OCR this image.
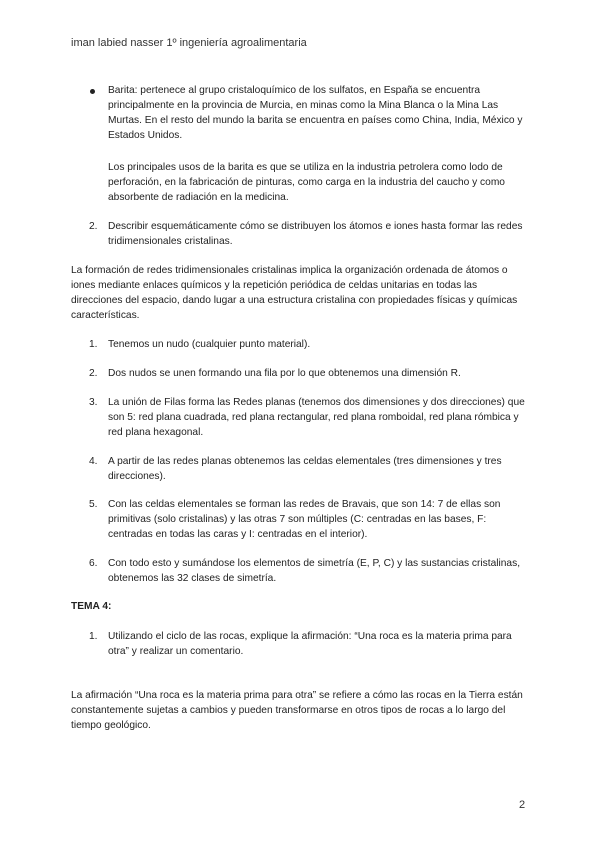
iman labied nasser 1º ingeniería agroalimentaria
Barita: pertenece al grupo cristaloquímico de los sulfatos, en España se encuentra principalmente en la provincia de Murcia, en minas como la Mina Blanca o la Mina Las Murtas. En el resto del mundo la barita se encuentra en países como China, India, México y Estados Unidos.
Los principales usos de la barita es que se utiliza en la industria petrolera como lodo de perforación, en la fabricación de pinturas, como carga en la industria del caucho y como absorbente de radiación en la medicina.
2. Describir esquemáticamente cómo se distribuyen los átomos e iones hasta formar las redes tridimensionales cristalinas.
La formación de redes tridimensionales cristalinas implica la organización ordenada de átomos o iones mediante enlaces químicos y la repetición periódica de celdas unitarias en todas las direcciones del espacio, dando lugar a una estructura cristalina con propiedades físicas y químicas características.
1. Tenemos un nudo (cualquier punto material).
2. Dos nudos se unen formando una fila por lo que obtenemos una dimensión R.
3. La unión de Filas forma las Redes planas (tenemos dos dimensiones y dos direcciones) que son 5: red plana cuadrada, red plana rectangular, red plana romboidal, red plana rómbica y red plana hexagonal.
4. A partir de las redes planas obtenemos las celdas elementales (tres dimensiones y tres direcciones).
5. Con las celdas elementales se forman las redes de Bravais, que son 14: 7 de ellas son primitivas (solo cristalinas) y las otras 7 son múltiples (C: centradas en las bases, F: centradas en todas las caras y I: centradas en el interior).
6. Con todo esto y sumándose los elementos de simetría (E, P, C) y las sustancias cristalinas, obtenemos las 32 clases de simetría.
TEMA 4:
1. Utilizando el ciclo de las rocas, explique la afirmación: “Una roca es la materia prima para otra” y realizar un comentario.
La afirmación “Una roca es la materia prima para otra” se refiere a cómo las rocas en la Tierra están constantemente sujetas a cambios y pueden transformarse en otros tipos de rocas a lo largo del tiempo geológico.
2
